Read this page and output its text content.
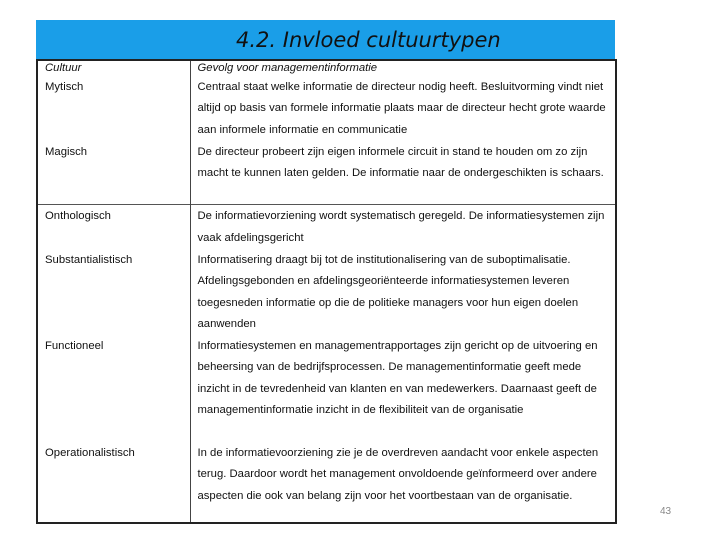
4.2. Invloed cultuurtypen
Cultuur	Gevolg voor managementinformatie
Mytisch	Centraal staat welke informatie de directeur nodig heeft. Besluitvorming vindt niet altijd op basis van formele informatie plaats maar de directeur hecht grote waarde aan informele informatie en communicatie
Magisch	De directeur probeert zijn eigen informele circuit in stand te houden om zo zijn macht te kunnen laten gelden. De informatie naar de ondergeschikten is schaars.
Onthologisch	De informatievorziening wordt systematisch geregeld. De informatiesystemen zijn vaak afdelingsgericht
Substantialistisch	Informatisering draagt bij tot de institutionalisering van de suboptimalisatie. Afdelingsgebonden en afdelingsgeoriënteerde informatiesystemen leveren toegesneden informatie op die de politieke managers voor hun eigen doelen aanwenden
Functioneel	Informatiesystemen en managementrapportages zijn gericht op de uitvoering en beheersing van de bedrijfsprocessen. De managementinformatie geeft mede inzicht in de tevredenheid van klanten en van medewerkers. Daarnaast geeft de managementinformatie inzicht in de flexibiliteit van de organisatie
Operationalistisch	In de informatievoorziening zie je de overdreven aandacht voor enkele aspecten terug. Daardoor wordt het management onvoldoende geïnformeerd over andere aspecten die ook van belang zijn voor het voortbestaan van de organisatie.
43
